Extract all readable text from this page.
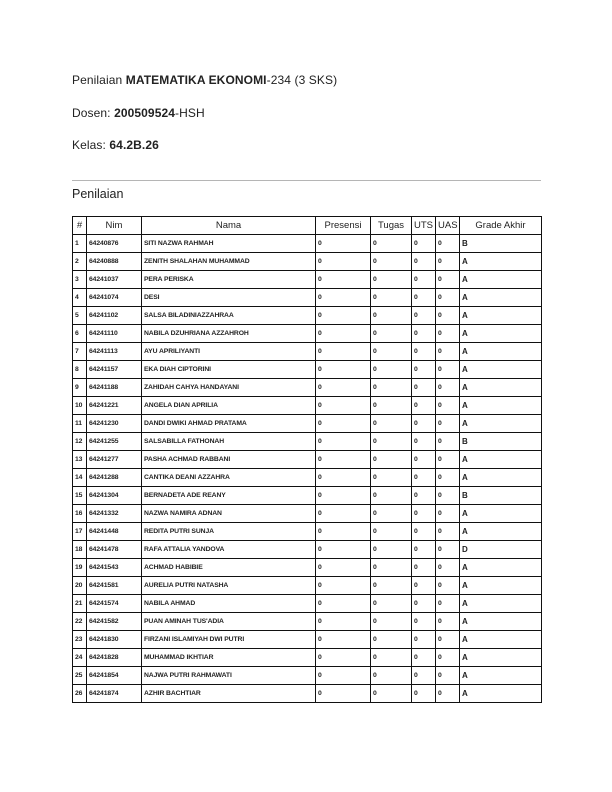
Penilaian MATEMATIKA EKONOMI-234 (3 SKS)
Dosen: 200509524-HSH
Kelas: 64.2B.26
Penilaian
#	Nim	Nama	Presensi	Tugas	UTS	UAS	Grade Akhir
1	64240876	SITI NAZWA RAHMAH	0	0	0	0	B
2	64240888	ZENITH SHALAHAN MUHAMMAD	0	0	0	0	A
3	64241037	PERA PERISKA	0	0	0	0	A
4	64241074	DESI	0	0	0	0	A
5	64241102	SALSA BILADINIAZZAHRAA	0	0	0	0	A
6	64241110	NABILA DZUHRIANA AZZAHROH	0	0	0	0	A
7	64241113	AYU APRILIYANTI	0	0	0	0	A
8	64241157	EKA DIAH CIPTORINI	0	0	0	0	A
9	64241188	ZAHIDAH CAHYA HANDAYANI	0	0	0	0	A
10	64241221	ANGELA DIAN APRILIA	0	0	0	0	A
11	64241230	DANDI DWIKI AHMAD PRATAMA	0	0	0	0	A
12	64241255	SALSABILLA FATHONAH	0	0	0	0	B
13	64241277	PASHA ACHMAD RABBANI	0	0	0	0	A
14	64241288	CANTIKA DEANI AZZAHRA	0	0	0	0	A
15	64241304	BERNADETA ADE REANY	0	0	0	0	B
16	64241332	NAZWA NAMIRA ADNAN	0	0	0	0	A
17	64241448	REDITA PUTRI SUNJA	0	0	0	0	A
18	64241478	RAFA ATTALIA YANDOVA	0	0	0	0	D
19	64241543	ACHMAD HABIBIE	0	0	0	0	A
20	64241581	AURELIA PUTRI NATASHA	0	0	0	0	A
21	64241574	NABILA AHMAD	0	0	0	0	A
22	64241582	PUAN AMINAH TUS'ADIA	0	0	0	0	A
23	64241830	FIRZANI ISLAMIYAH DWI PUTRI	0	0	0	0	A
24	64241828	MUHAMMAD IKHTIAR	0	0	0	0	A
25	64241854	NAJWA PUTRI RAHMAWATI	0	0	0	0	A
26	64241874	AZHIR BACHTIAR	0	0	0	0	A
